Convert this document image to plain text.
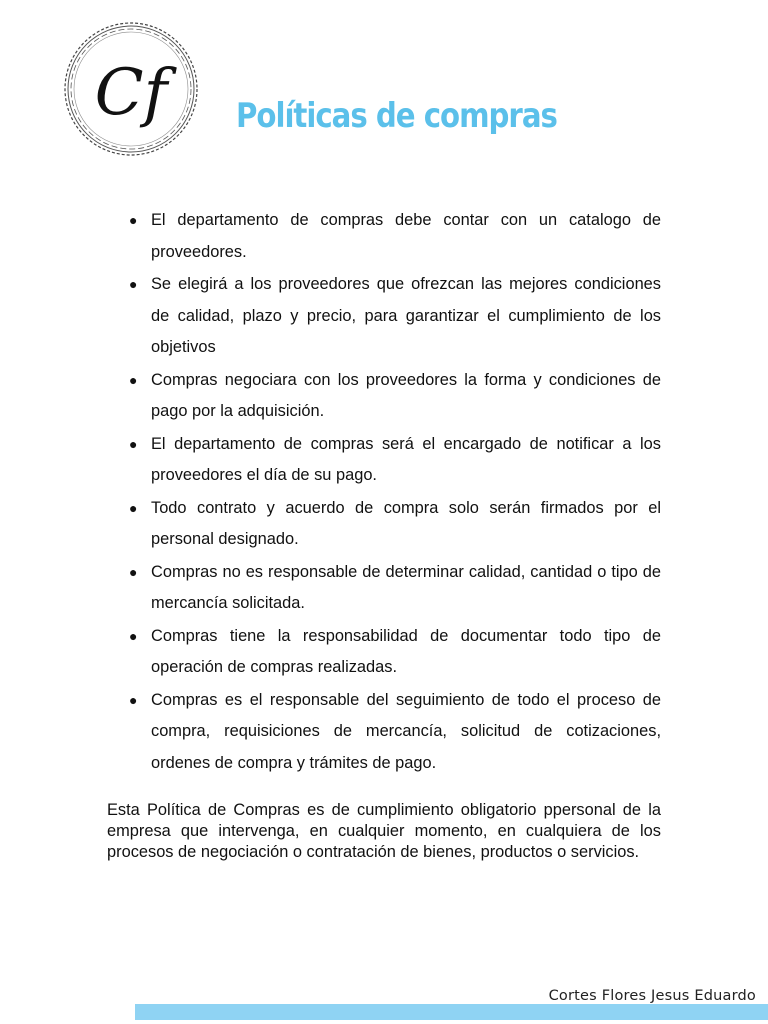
Cf	Políticas de compras
● El departamento de compras debe contar con un catalogo de proveedores.
● Se elegirá a los proveedores que ofrezcan las mejores condiciones de calidad, plazo y precio, para garantizar el cumplimiento de los objetivos
● Compras negociara con los proveedores la forma y condiciones de pago por la adquisición.
● El departamento de compras será el encargado de notificar a los proveedores el día de su pago.
● Todo contrato y acuerdo de compra solo serán firmados por el personal designado.
● Compras no es responsable de determinar calidad, cantidad o tipo de mercancía solicitada.
● Compras tiene la responsabilidad de documentar todo tipo de operación de compras realizadas.
● Compras es el responsable del seguimiento de todo el proceso de compra, requisiciones de mercancía, solicitud de cotizaciones, ordenes de compra y trámites de pago.

Esta Política de Compras es de cumplimiento obligatorio ppersonal de la empresa que intervenga, en cualquier momento, en cualquiera de los procesos de negociación o contratación de bienes, productos o servicios.

Cortes Flores Jesus Eduardo
